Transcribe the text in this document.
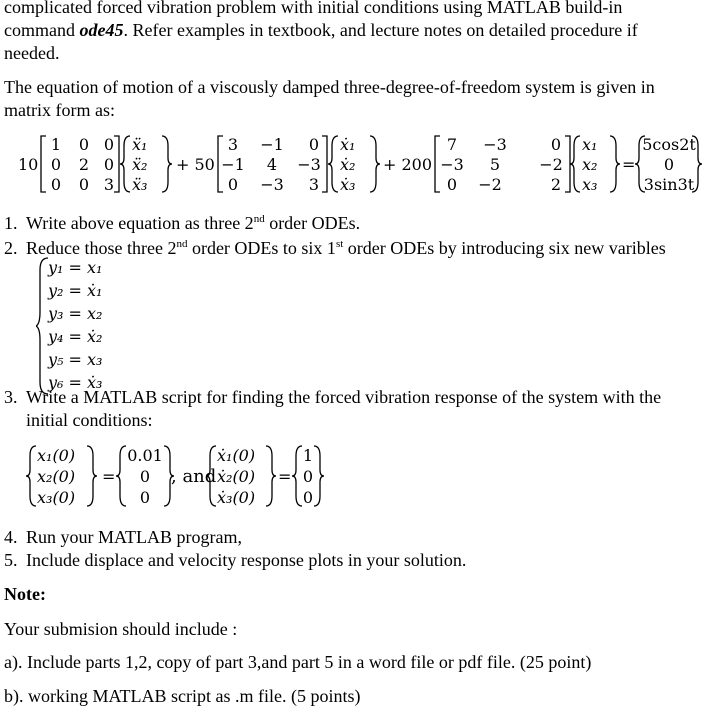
complicated forced vibration problem with initial conditions using MATLAB build-in
command ode45. Refer examples in textbook, and lecture notes on detailed procedure if
needed.
The equation of motion of a viscously damped three-degree-of-freedom system is given in
matrix form as:
10
1 0 0
0 2 0
0 0 3
ẍ₁
ẍ₂
ẍ₃
+ 50
3 −1 0
−1 4 −3
0 −3 3
ẋ₁
ẋ₂
ẋ₃
+ 200
7 −3	0
−3 5 −2
0 −2	2
x₁
x₂
x₃
=
5cos2t
0
3sin3t
1. Write above equation as three 2nd order ODEs.
2. Reduce those three 2nd order ODEs to six 1st order ODEs by introducing six new varibles
y₁ = x₁
y₂ = ẋ₁
y₃ = x₂
y₄ = ẋ₂
y₅ = x₃
y₆ = ẋ₃
3. Write a MATLAB script for finding the forced vibration response of the system with the
initial conditions:
x₁(0)
x₂(0)
x₃(0)
=
0.01
0
0
, and
ẋ₁(0)
ẋ₂(0)
ẋ₃(0)
=
1
0
0
4. Run your MATLAB program,
5. Include displace and velocity response plots in your solution.
Note:
Your submision should include :
a). Include parts 1,2, copy of part 3,and part 5 in a word file or pdf file. (25 point)
b). working MATLAB script as .m file. (5 points)
